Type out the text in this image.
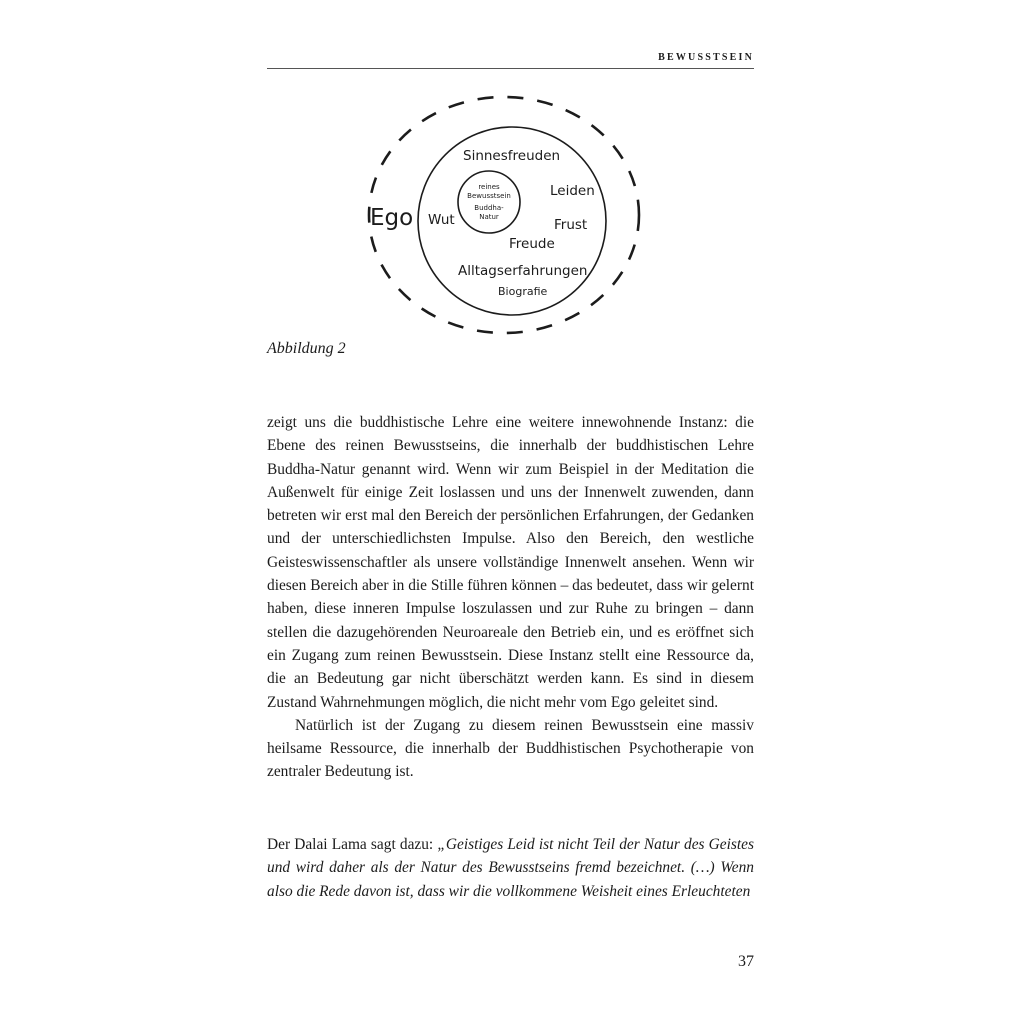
BEWUSSTSEIN
Ego
Sinnesfreuden
Leiden
Wut	Frust
Freude
Alltagserfahrungen
Biografie
reines
Bewusstsein
Buddha-
Natur
Abbildung 2

zeigt uns die buddhistische Lehre eine weitere innewohnende Instanz: die Ebene des reinen Bewusstseins, die innerhalb der buddhistischen Lehre Buddha-Natur genannt wird. Wenn wir zum Beispiel in der Meditation die Außenwelt für einige Zeit loslassen und uns der Innenwelt zuwenden, dann betreten wir erst mal den Bereich der persönlichen Erfahrungen, der Gedanken und der unterschiedlichsten Impulse. Also den Bereich, den westliche Geisteswissenschaftler als unsere vollständige Innenwelt ansehen. Wenn wir diesen Bereich aber in die Stille führen können – das bedeutet, dass wir gelernt haben, diese inneren Impulse loszulassen und zur Ruhe zu bringen – dann stellen die dazugehörenden Neuroareale den Betrieb ein, und es eröffnet sich ein Zugang zum reinen Bewusstsein. Diese Instanz stellt eine Ressource da, die an Bedeutung gar nicht überschätzt werden kann. Es sind in diesem Zustand Wahrnehmungen möglich, die nicht mehr vom Ego geleitet sind.

Natürlich ist der Zugang zu diesem reinen Bewusstsein eine massiv heilsame Ressource, die innerhalb der Buddhistischen Psychotherapie von zentraler Bedeutung ist.

Der Dalai Lama sagt dazu: „Geistiges Leid ist nicht Teil der Natur des Geistes und wird daher als der Natur des Bewusstseins fremd bezeichnet. (…) Wenn also die Rede davon ist, dass wir die vollkommene Weisheit eines Erleuchteten
37
